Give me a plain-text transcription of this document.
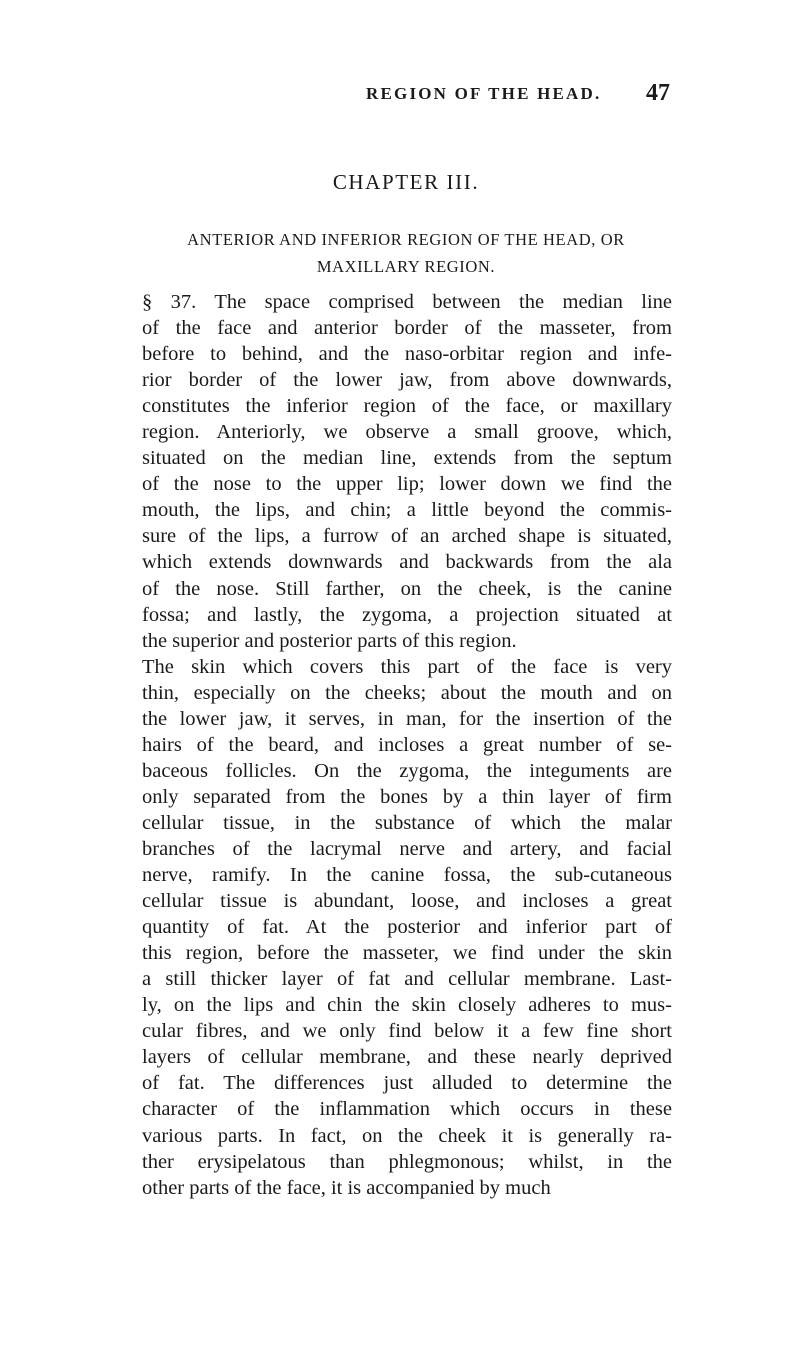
REGION OF THE HEAD. 47
CHAPTER III.
ANTERIOR AND INFERIOR REGION OF THE HEAD, OR
MAXILLARY REGION.
§ 37. The space comprised between the median line
of the face and anterior border of the masseter, from
before to behind, and the naso-orbitar region and infe-
rior border of the lower jaw, from above downwards,
constitutes the inferior region of the face, or maxillary
region. Anteriorly, we observe a small groove, which,
situated on the median line, extends from the septum
of the nose to the upper lip; lower down we find the
mouth, the lips, and chin; a little beyond the commis-
sure of the lips, a furrow of an arched shape is situated,
which extends downwards and backwards from the ala
of the nose. Still farther, on the cheek, is the canine
fossa; and lastly, the zygoma, a projection situated at
the superior and posterior parts of this region.
The skin which covers this part of the face is very
thin, especially on the cheeks; about the mouth and on
the lower jaw, it serves, in man, for the insertion of the
hairs of the beard, and incloses a great number of se-
baceous follicles. On the zygoma, the integuments are
only separated from the bones by a thin layer of firm
cellular tissue, in the substance of which the malar
branches of the lacrymal nerve and artery, and facial
nerve, ramify. In the canine fossa, the sub-cutaneous
cellular tissue is abundant, loose, and incloses a great
quantity of fat. At the posterior and inferior part of
this region, before the masseter, we find under the skin
a still thicker layer of fat and cellular membrane. Last-
ly, on the lips and chin the skin closely adheres to mus-
cular fibres, and we only find below it a few fine short
layers of cellular membrane, and these nearly deprived
of fat. The differences just alluded to determine the
character of the inflammation which occurs in these
various parts. In fact, on the cheek it is generally ra-
ther erysipelatous than phlegmonous; whilst, in the
other parts of the face, it is accompanied by much
